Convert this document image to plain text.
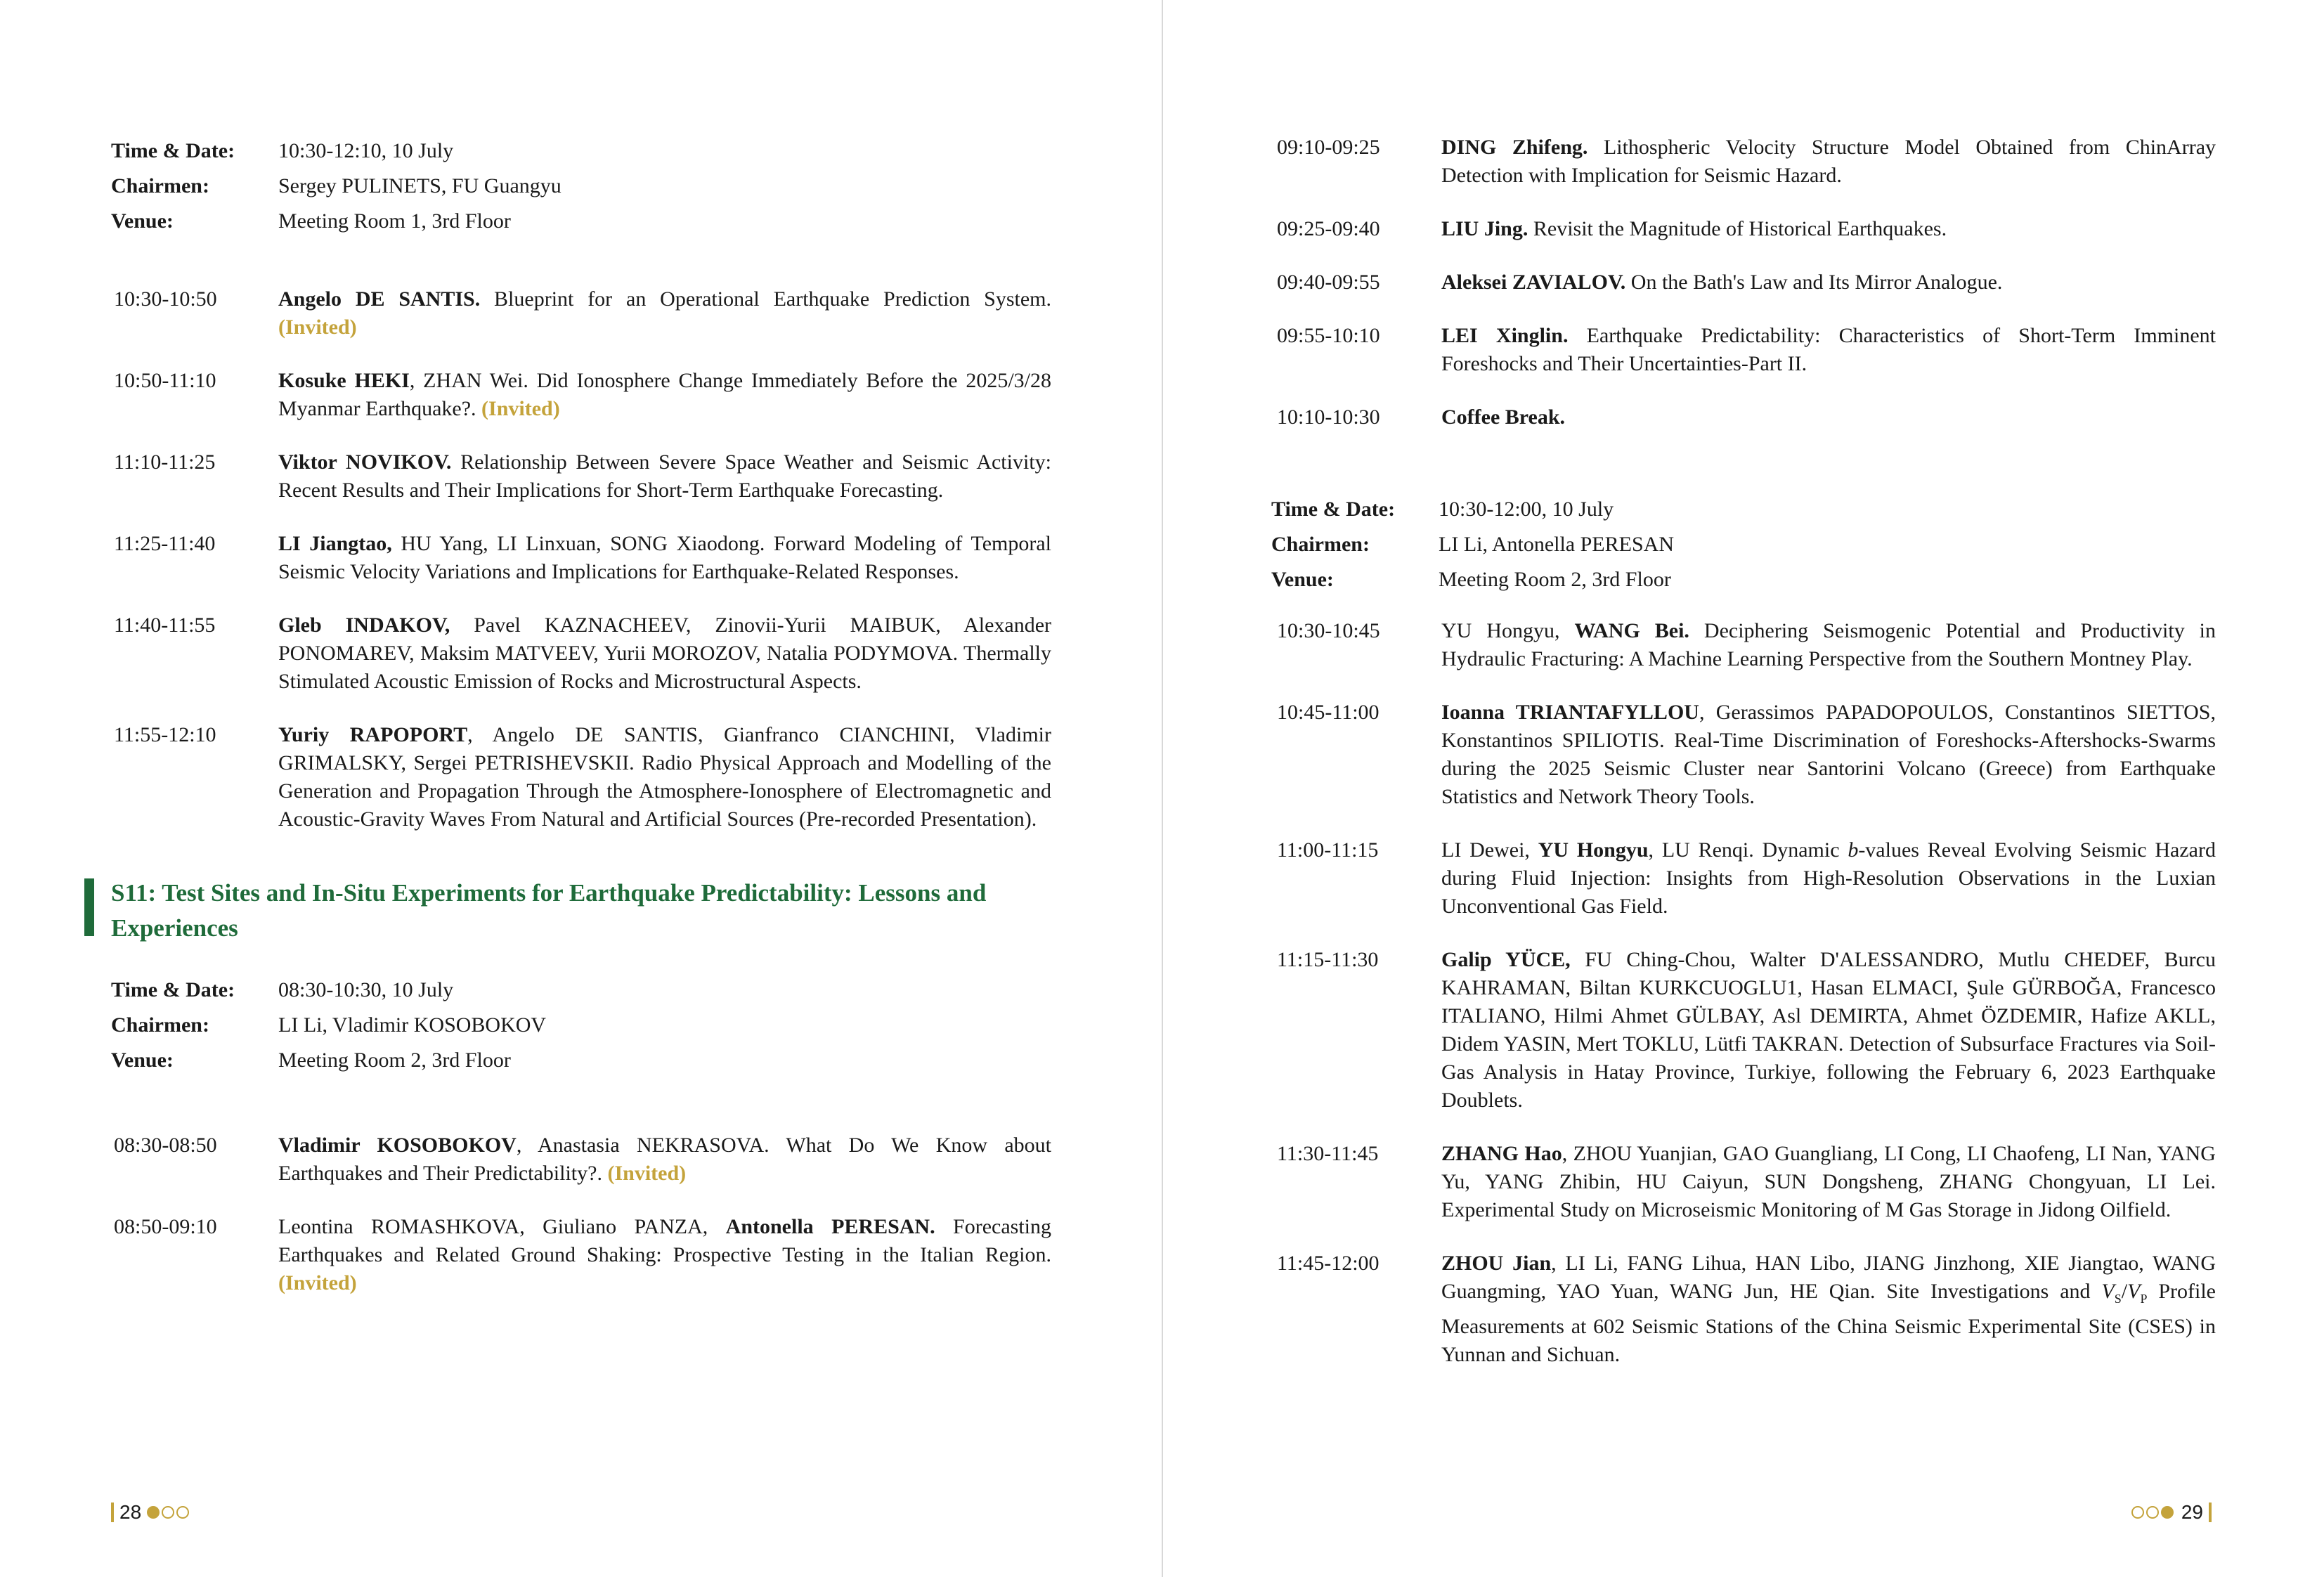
Time & Date:	10:30-12:10, 10 July
Chairmen:	Sergey PULINETS, FU Guangyu
Venue:	Meeting Room 1, 3rd Floor
10:30-10:50	Angelo DE SANTIS. Blueprint for an Operational Earthquake Prediction System. (Invited)
10:50-11:10	Kosuke HEKI, ZHAN Wei. Did Ionosphere Change Immediately Before the 2025/3/28 Myanmar Earthquake?. (Invited)
11:10-11:25	Viktor NOVIKOV. Relationship Between Severe Space Weather and Seismic Activity: Recent Results and Their Implications for Short-Term Earthquake Forecasting.
11:25-11:40	LI Jiangtao, HU Yang, LI Linxuan, SONG Xiaodong. Forward Modeling of Temporal Seismic Velocity Variations and Implications for Earthquake-Related Responses.
11:40-11:55	Gleb INDAKOV, Pavel KAZNACHEEV, Zinovii-Yurii MAIBUK, Alexander PONOMAREV, Maksim MATVEEV, Yurii MOROZOV, Natalia PODYMOVA. Thermally Stimulated Acoustic Emission of Rocks and Microstructural Aspects.
11:55-12:10	Yuriy RAPOPORT, Angelo DE SANTIS, Gianfranco CIANCHINI, Vladimir GRIMALSKY, Sergei PETRISHEVSKII. Radio Physical Approach and Modelling of the Generation and Propagation Through the Atmosphere-Ionosphere of Electromagnetic and Acoustic-Gravity Waves From Natural and Artificial Sources (Pre-recorded Presentation).
S11: Test Sites and In-Situ Experiments for Earthquake Predictability: Lessons and Experiences
Time & Date:	08:30-10:30, 10 July
Chairmen:	LI Li, Vladimir KOSOBOKOV
Venue:	Meeting Room 2, 3rd Floor
08:30-08:50	Vladimir KOSOBOKOV, Anastasia NEKRASOVA. What Do We Know about Earthquakes and Their Predictability?. (Invited)
08:50-09:10	Leontina ROMASHKOVA, Giuliano PANZA, Antonella PERESAN. Forecasting Earthquakes and Related Ground Shaking: Prospective Testing in the Italian Region. (Invited)
28
09:10-09:25	DING Zhifeng. Lithospheric Velocity Structure Model Obtained from ChinArray Detection with Implication for Seismic Hazard.
09:25-09:40	LIU Jing. Revisit the Magnitude of Historical Earthquakes.
09:40-09:55	Aleksei ZAVIALOV. On the Bath's Law and Its Mirror Analogue.
09:55-10:10	LEI Xinglin. Earthquake Predictability: Characteristics of Short-Term Imminent Foreshocks and Their Uncertainties-Part II.
10:10-10:30	Coffee Break.
Time & Date:	10:30-12:00, 10 July
Chairmen:	LI Li, Antonella PERESAN
Venue:	Meeting Room 2, 3rd Floor
10:30-10:45	YU Hongyu, WANG Bei. Deciphering Seismogenic Potential and Productivity in Hydraulic Fracturing: A Machine Learning Perspective from the Southern Montney Play.
10:45-11:00	Ioanna TRIANTAFYLLOU, Gerassimos PAPADOPOULOS, Constantinos SIETTOS, Konstantinos SPILIOTIS. Real-Time Discrimination of Foreshocks-Aftershocks-Swarms during the 2025 Seismic Cluster near Santorini Volcano (Greece) from Earthquake Statistics and Network Theory Tools.
11:00-11:15	LI Dewei, YU Hongyu, LU Renqi. Dynamic b-values Reveal Evolving Seismic Hazard during Fluid Injection: Insights from High-Resolution Observations in the Luxian Unconventional Gas Field.
11:15-11:30	Galip YÜCE, FU Ching-Chou, Walter D'ALESSANDRO, Mutlu CHEDEF, Burcu KAHRAMAN, Biltan KURKCUOGLU1, Hasan ELMACI, Şule GÜRBOĞA, Francesco ITALIANO, Hilmi Ahmet GÜLBAY, Asl DEMIRTA, Ahmet ÖZDEMIR, Hafize AKLL, Didem YASIN, Mert TOKLU, Lütfi TAKRAN. Detection of Subsurface Fractures via Soil-Gas Analysis in Hatay Province, Turkiye, following the February 6, 2023 Earthquake Doublets.
11:30-11:45	ZHANG Hao, ZHOU Yuanjian, GAO Guangliang, LI Cong, LI Chaofeng, LI Nan, YANG Yu, YANG Zhibin, HU Caiyun, SUN Dongsheng, ZHANG Chongyuan, LI Lei. Experimental Study on Microseismic Monitoring of M Gas Storage in Jidong Oilfield.
11:45-12:00	ZHOU Jian, LI Li, FANG Lihua, HAN Libo, JIANG Jinzhong, XIE Jiangtao, WANG Guangming, YAO Yuan, WANG Jun, HE Qian. Site Investigations and $V_S/V_P$ Profile Measurements at 602 Seismic Stations of the China Seismic Experimental Site (CSES) in Yunnan and Sichuan.
29
